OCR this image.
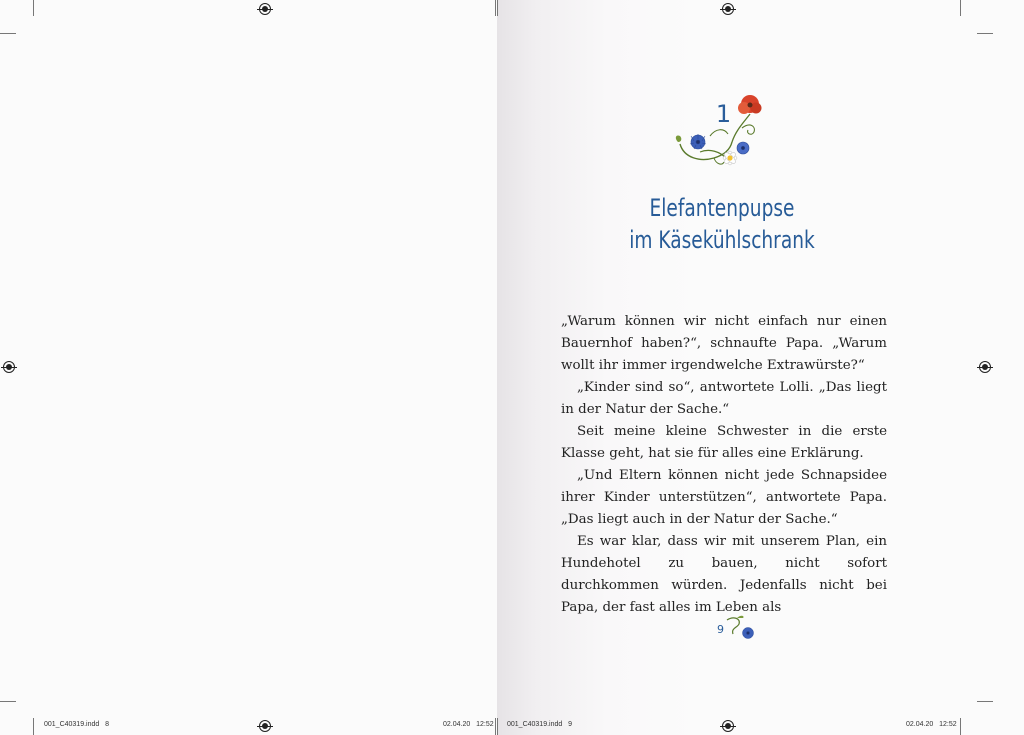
001_C40319.indd   8	02.04.20   12:52 001_C40319.indd   9	02.04.20   12:52
1
Elefantenpupse
im Käsekühlschrank

„Warum können wir nicht einfach nur einen Bauernhof haben?“, schnaufte Papa. „Warum wollt ihr immer irgendwelche Extrawürste?“

„Kinder sind so“, antwortete Lolli. „Das liegt in der Natur der Sache.“

Seit meine kleine Schwester in die erste Klasse geht, hat sie für alles eine Erklärung.

„Und Eltern können nicht jede Schnapsidee ihrer Kinder unterstützen“, antwortete Papa. „Das liegt auch in der Natur der Sache.“

Es war klar, dass wir mit unserem Plan, ein Hundehotel zu bauen, nicht sofort durchkommen würden. Jedenfalls nicht bei Papa, der fast alles im Leben als

9
